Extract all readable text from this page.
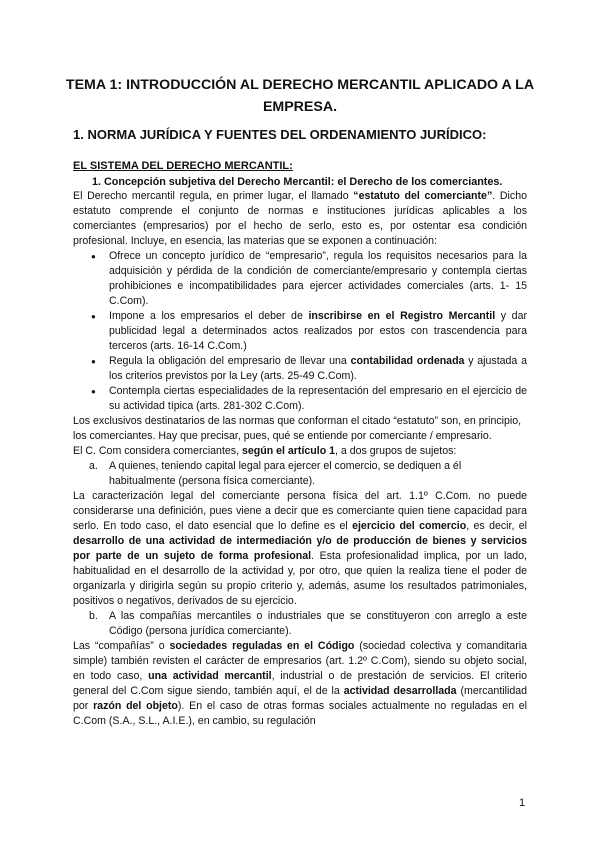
TEMA 1: INTRODUCCIÓN AL DERECHO MERCANTIL APLICADO A LA EMPRESA.
1. NORMA JURÍDICA Y FUENTES DEL ORDENAMIENTO JURÍDICO:
EL SISTEMA DEL DERECHO MERCANTIL:
1. Concepción subjetiva del Derecho Mercantil: el Derecho de los comerciantes.

El Derecho mercantil regula, en primer lugar, el llamado “estatuto del comerciante”. Dicho estatuto comprende el conjunto de normas e instituciones jurídicas aplicables a los comerciantes (empresarios) por el hecho de serlo, esto es, por ostentar esa condición profesional. Incluye, en esencia, las materias que se exponen a continuación:

● Ofrece un concepto jurídico de “empresario”, regula los requisitos necesarios para la adquisición y pérdida de la condición de comerciante/empresario y contempla ciertas prohibiciones e incompatibilidades para ejercer actividades comerciales (arts. 1- 15 C.Com).
● Impone a los empresarios el deber de inscribirse en el Registro Mercantil y dar publicidad legal a determinados actos realizados por estos con trascendencia para terceros (arts. 16-14 C.Com.)
● Regula la obligación del empresario de llevar una contabilidad ordenada y ajustada a los criterios previstos por la Ley (arts. 25-49 C.Com).
● Contempla ciertas especialidades de la representación del empresario en el ejercicio de su actividad típica (arts. 281-302 C.Com).

Los exclusivos destinatarios de las normas que conforman el citado “estatuto” son, en principio, los comerciantes. Hay que precisar, pues, qué se entiende por comerciante / empresario.

El C. Com considera comerciantes, según el artículo 1, a dos grupos de sujetos:

a. A quienes, teniendo capital legal para ejercer el comercio, se dediquen a él habitualmente (persona física comerciante).

La caracterización legal del comerciante persona física del art. 1.1º C.Com. no puede considerarse una definición, pues viene a decir que es comerciante quien tiene capacidad para serlo. En todo caso, el dato esencial que lo define es el ejercicio del comercio, es decir, el desarrollo de una actividad de intermediación y/o de producción de bienes y servicios por parte de un sujeto de forma profesional. Esta profesionalidad implica, por un lado, habitualidad en el desarrollo de la actividad y, por otro, que quien la realiza tiene el poder de organizarla y dirigirla según su propio criterio y, además, asume los resultados patrimoniales, positivos o negativos, derivados de su ejercicio.

b. A las compañías mercantiles o industriales que se constituyeron con arreglo a este Código (persona jurídica comerciante).

Las “compañías” o sociedades reguladas en el Código (sociedad colectiva y comanditaria simple) también revisten el carácter de empresarios (art. 1.2º C.Com), siendo su objeto social, en todo caso, una actividad mercantil, industrial o de prestación de servicios. El criterio general del C.Com sigue siendo, también aquí, el de la actividad desarrollada (mercantilidad por razón del objeto). En el caso de otras formas sociales actualmente no reguladas en el C.Com (S.A., S.L., A.I.E.), en cambio, su regulación

1
